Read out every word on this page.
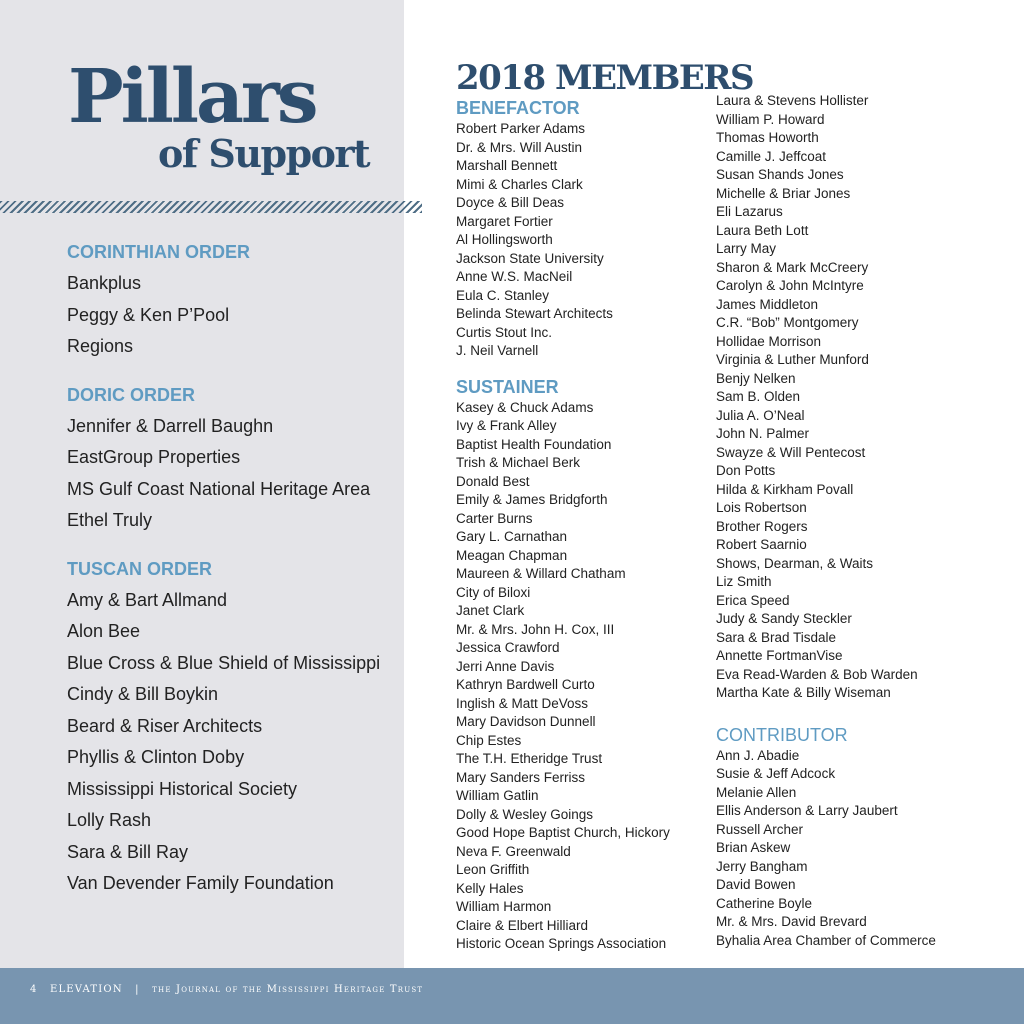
Pillars
of Support
CORINTHIAN ORDER
Bankplus
Peggy & Ken P’Pool
Regions
DORIC ORDER
Jennifer & Darrell Baughn
EastGroup Properties
MS Gulf Coast National Heritage Area
Ethel Truly
TUSCAN ORDER
Amy & Bart Allmand
Alon Bee
Blue Cross & Blue Shield of Mississippi
Cindy & Bill Boykin
Beard & Riser Architects
Phyllis & Clinton Doby
Mississippi Historical Society
Lolly Rash
Sara & Bill Ray
Van Devender Family Foundation
2018 MEMBERS
BENEFACTOR
Robert Parker Adams
Dr. & Mrs. Will Austin
Marshall Bennett
Mimi & Charles Clark
Doyce & Bill Deas
Margaret Fortier
Al Hollingsworth
Jackson State University
Anne W.S. MacNeil
Eula C. Stanley
Belinda Stewart Architects
Curtis Stout Inc.
J. Neil Varnell
SUSTAINER
Kasey & Chuck Adams
Ivy & Frank Alley
Baptist Health Foundation
Trish & Michael Berk
Donald Best
Emily & James Bridgforth
Carter Burns
Gary L. Carnathan
Meagan Chapman
Maureen & Willard Chatham
City of Biloxi
Janet Clark
Mr. & Mrs. John H. Cox, III
Jessica Crawford
Jerri Anne Davis
Kathryn Bardwell Curto
Inglish & Matt DeVoss
Mary Davidson Dunnell
Chip Estes
The T.H. Etheridge Trust
Mary Sanders Ferriss
William Gatlin
Dolly & Wesley Goings
Good Hope Baptist Church, Hickory
Neva F. Greenwald
Leon Griffith
Kelly Hales
William Harmon
Claire & Elbert Hilliard
Historic Ocean Springs Association
Laura & Stevens Hollister
William P. Howard
Thomas Howorth
Camille J. Jeffcoat
Susan Shands Jones
Michelle & Briar Jones
Eli Lazarus
Laura Beth Lott
Larry May
Sharon & Mark McCreery
Carolyn & John McIntyre
James Middleton
C.R. “Bob” Montgomery
Hollidae Morrison
Virginia & Luther Munford
Benjy Nelken
Sam B. Olden
Julia A. O’Neal
John N. Palmer
Swayze & Will Pentecost
Don Potts
Hilda & Kirkham Povall
Lois Robertson
Brother Rogers
Robert Saarnio
Shows, Dearman, & Waits
Liz Smith
Erica Speed
Judy & Sandy Steckler
Sara & Brad Tisdale
Annette FortmanVise
Eva Read-Warden & Bob Warden
Martha Kate & Billy Wiseman
CONTRIBUTOR
Ann J. Abadie
Susie & Jeff Adcock
Melanie Allen
Ellis Anderson & Larry Jaubert
Russell Archer
Brian Askew
Jerry Bangham
David Bowen
Catherine Boyle
Mr. & Mrs. David Brevard
Byhalia Area Chamber of Commerce
4 ELEVATION | the Journal of the Mississippi Heritage Trust
